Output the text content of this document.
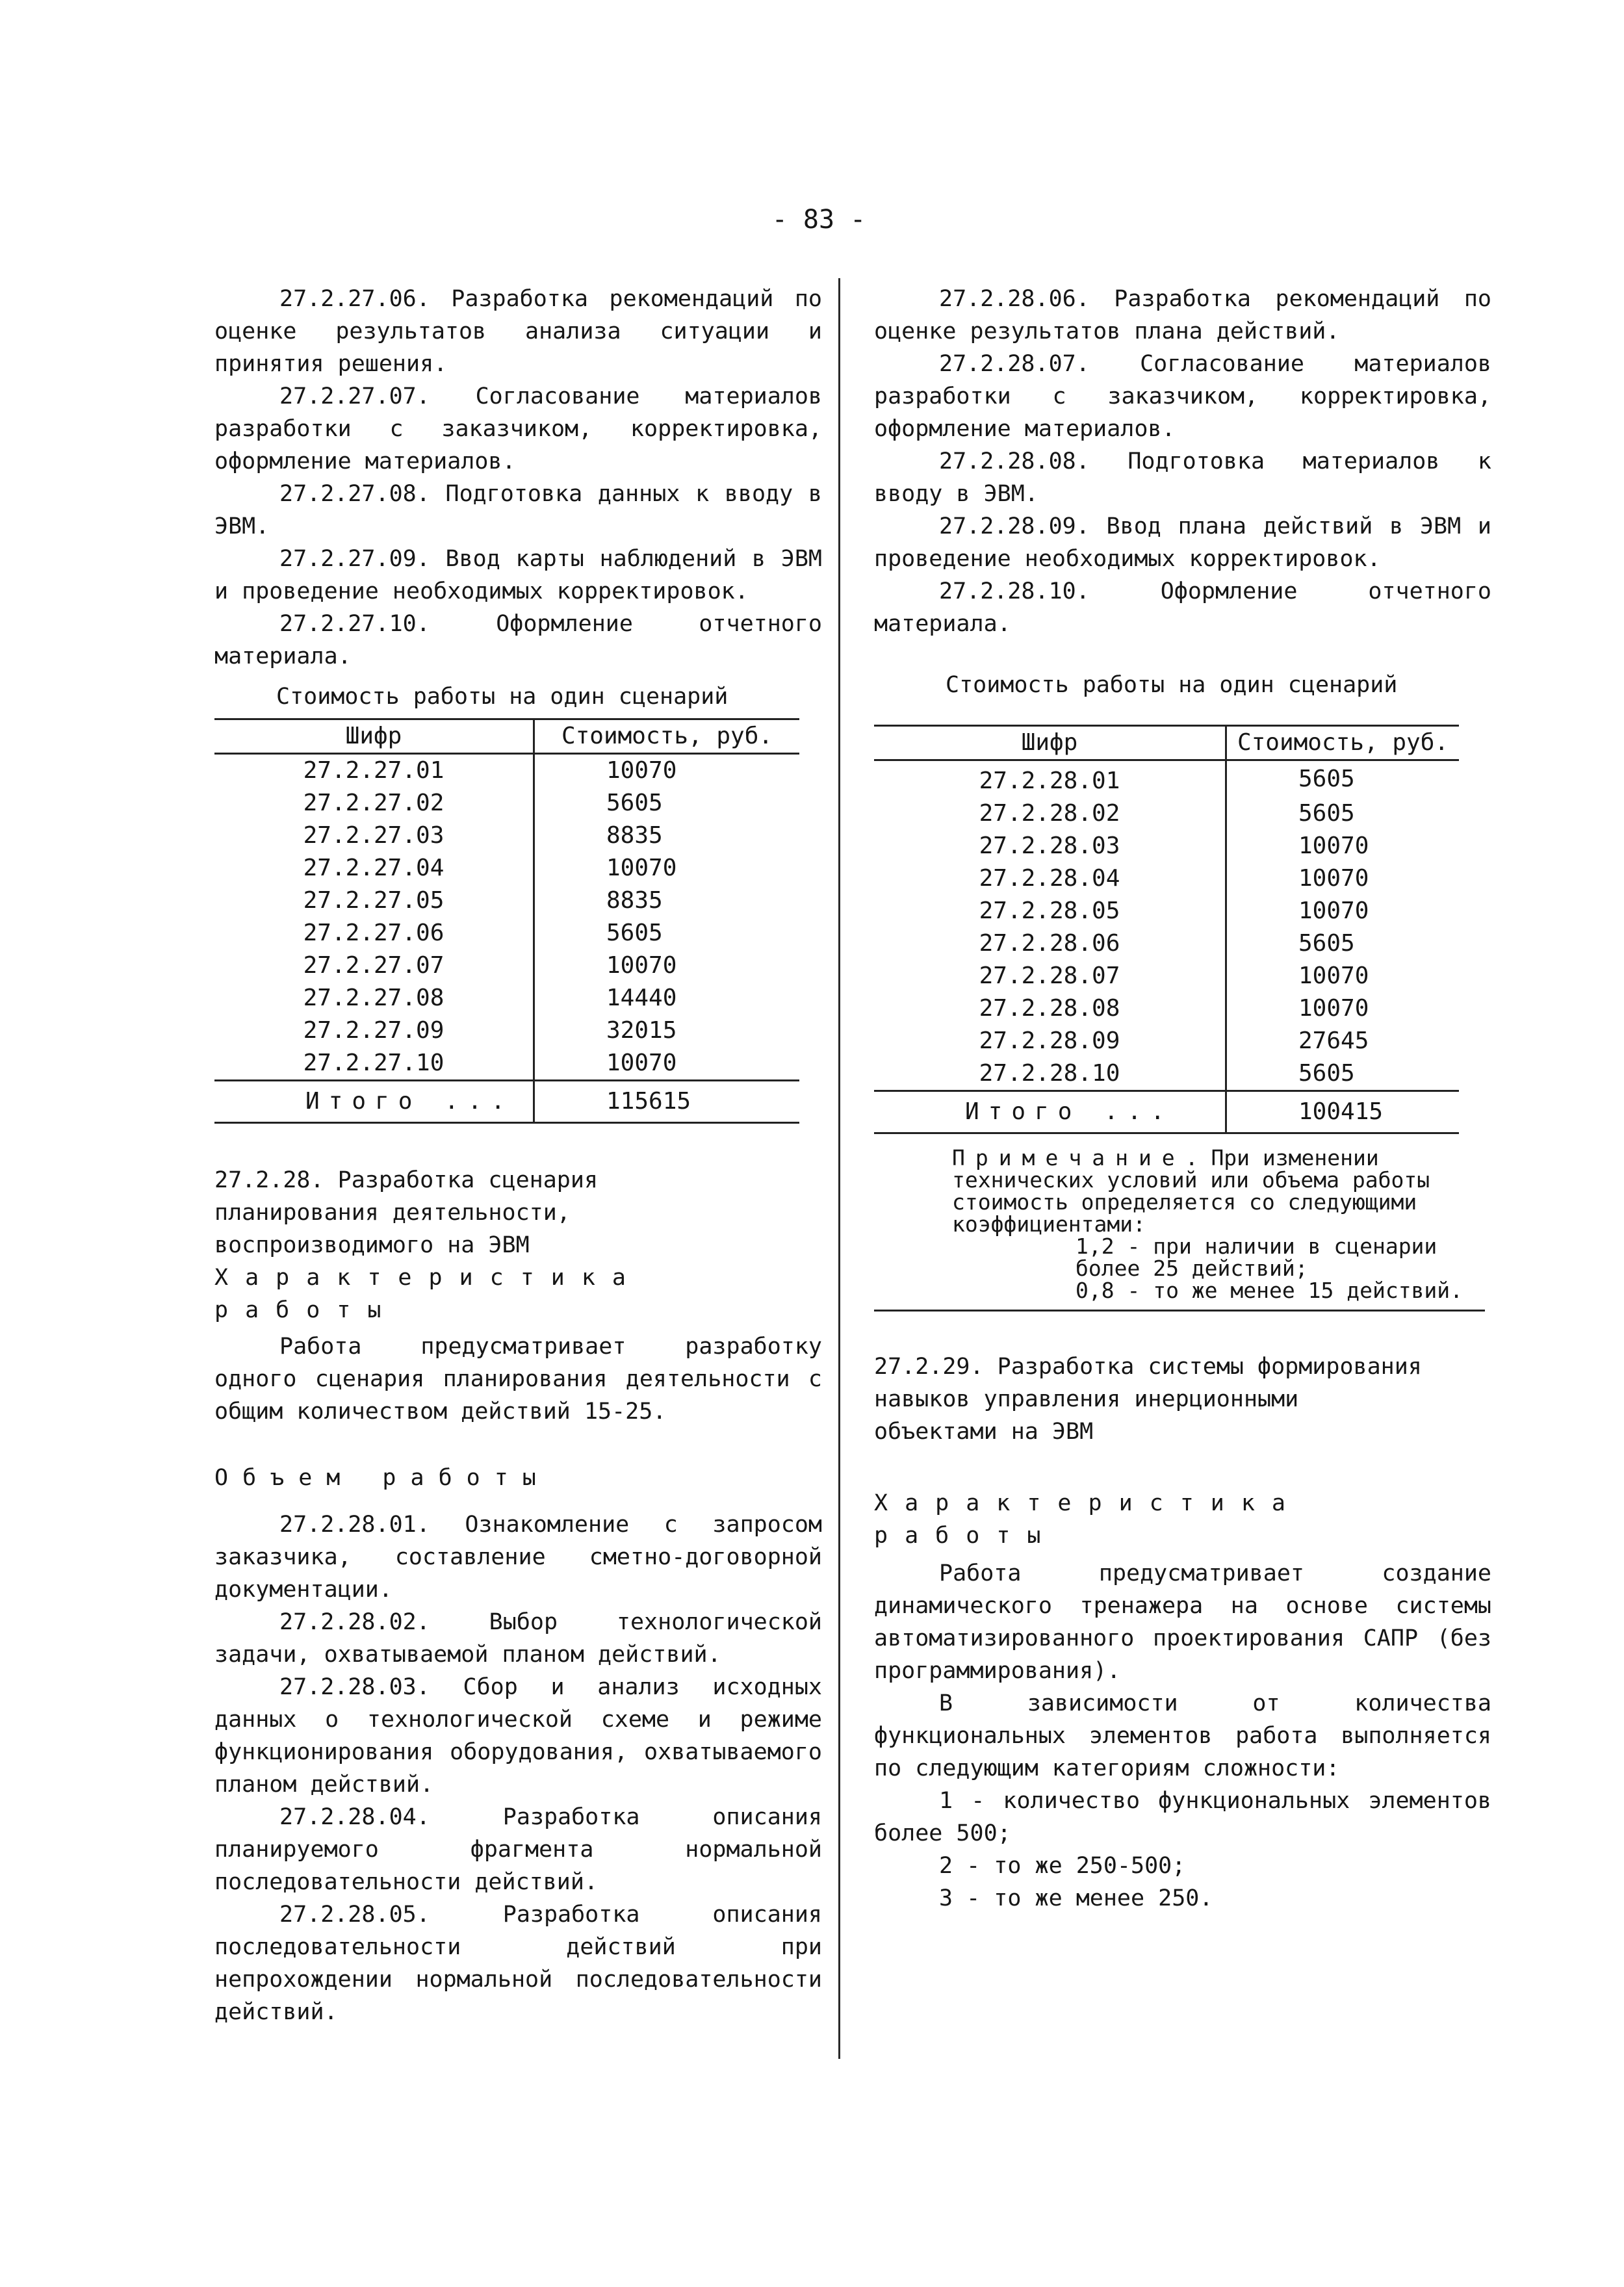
- 83 -

27.2.27.06. Разработка рекомендаций по оценке результатов анализа ситуации и принятия решения.

27.2.27.07. Согласование материалов разработки с заказчиком, корректировка, оформление материалов.

27.2.27.08. Подготовка данных к вводу в ЭВМ.

27.2.27.09. Ввод карты наблюдений в ЭВМ и проведение необходимых корректировок.

27.2.27.10. Оформление отчетного материала.

Стоимость работы на один сценарий

Шифр	Стоимость, руб.
27.2.27.01	10070
27.2.27.02	5605
27.2.27.03	8835
27.2.27.04	10070
27.2.27.05	8835
27.2.27.06	5605
27.2.27.07	10070
27.2.27.08	14440
27.2.27.09	32015
27.2.27.10	10070
Итого ...	115615

27.2.28. Разработка сценария

планирования деятельности,

воспроизводимого на ЭВМ

Характеристика работы

Работа предусматривает разработку одного сценария планирования деятельности с общим количеством действий 15-25.

Объем работы

27.2.28.01. Ознакомление с запросом заказчика, составление сметно-договорной документации.

27.2.28.02. Выбор технологической задачи, охватываемой планом действий.

27.2.28.03. Сбор и анализ исходных данных о технологической схеме и режиме функционирования оборудования, охватываемого планом действий.

27.2.28.04. Разработка описания планируемого фрагмента нормальной последовательности действий.

27.2.28.05. Разработка описания последовательности действий при непрохождении нормальной последовательности действий.

27.2.28.06. Разработка рекомендаций по оценке результатов плана действий.

27.2.28.07. Согласование материалов разработки с заказчиком, корректировка, оформление материалов.

27.2.28.08. Подготовка материалов к вводу в ЭВМ.

27.2.28.09. Ввод плана действий в ЭВМ и проведение необходимых корректировок.

27.2.28.10. Оформление отчетного материала.

Стоимость работы на один сценарий

Шифр	Стоимость, руб.
27.2.28.01	5605
27.2.28.02	5605
27.2.28.03	10070
27.2.28.04	10070
27.2.28.05	10070
27.2.28.06	5605
27.2.28.07	10070
27.2.28.08	10070
27.2.28.09	27645
27.2.28.10	5605
Итого ...	100415
Примечание. При изменении технических условий или объема работы стоимость определяется со следующими коэффициентами:
1,2 - при наличии в сценарии более 25 действий;
0,8 - то же менее 15 действий.

27.2.29. Разработка системы формирования

навыков управления инерционными

объектами на ЭВМ

Характеристика работы

Работа предусматривает создание динамического тренажера на основе системы автоматизированного проектирования САПР (без программирования).

В зависимости от количества функциональных элементов работа выполняется по следующим категориям сложности:

1 - количество функциональных элементов более 500;

2 - то же 250-500;

3 - то же менее 250.
